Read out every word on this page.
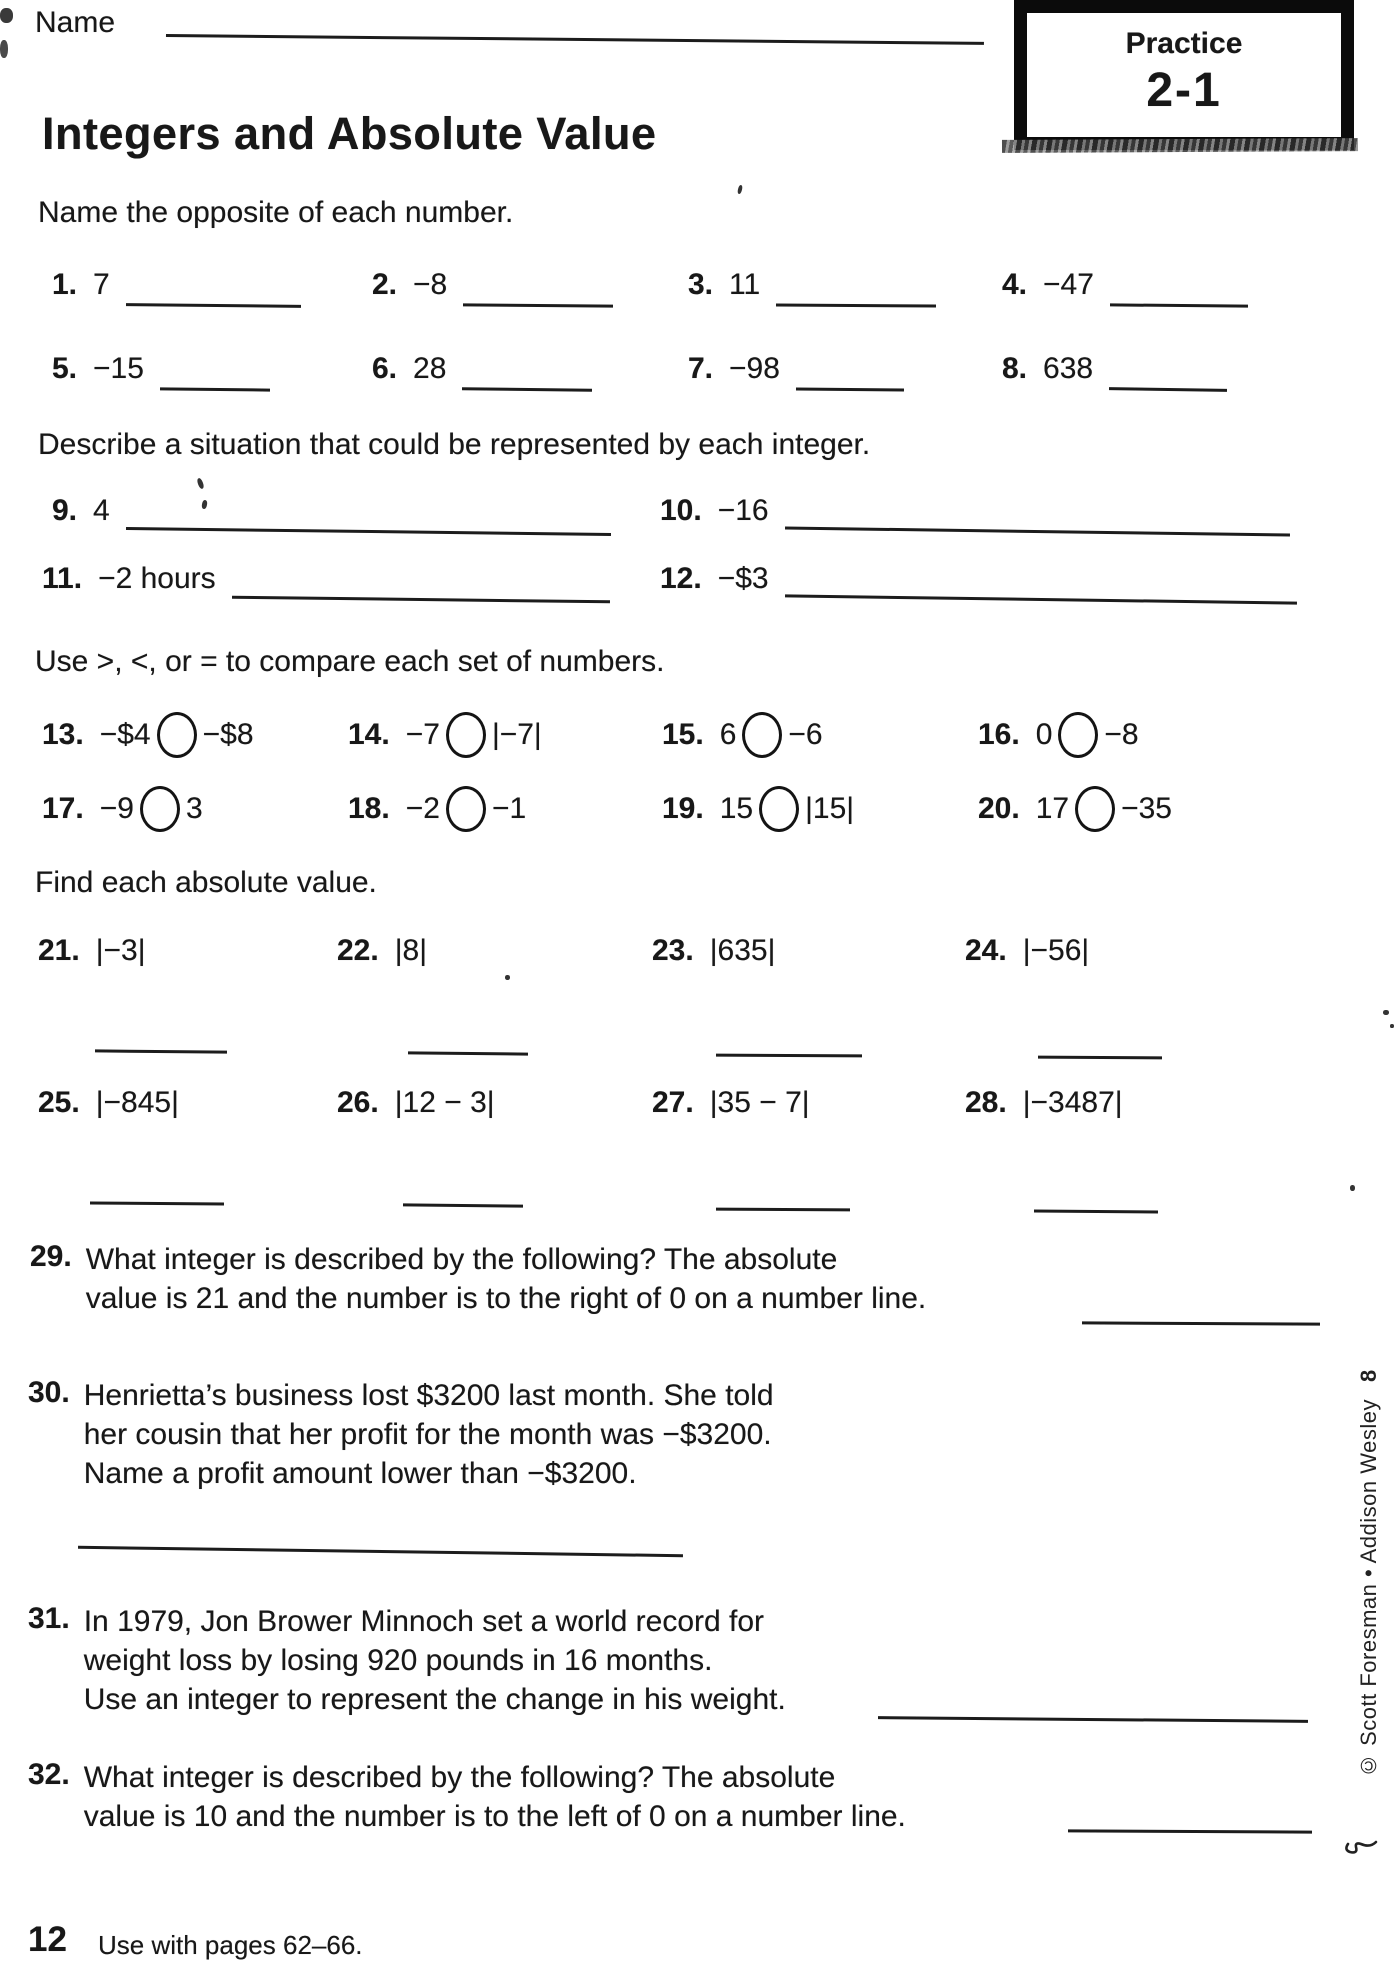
Name
Practice
2-1
Integers and Absolute Value
Name the opposite of each number.
1. 7	2. −8	3. 11	4. −47
5. −15	6. 28	7. −98	8. 638
Describe a situation that could be represented by each integer.
9. 4	10. −16
11. −2 hours	12. −$3
Use >, <, or = to compare each set of numbers.
13. −$4 −$8	14. −7 |−7|	15. 6 −6	16. 0 −8
17. −9 3	18. −2 −1	19. 15 |15|	20. 17 −35
Find each absolute value.
21. |−3|	22. |8|	23. |635|	24. |−56|
25. |−845|	26. |12 − 3|	27. |35 − 7|	28. |−3487|
29. What integer is described by the following? The absolute
value is 21 and the number is to the right of 0 on a number line.
30. Henrietta’s business lost $3200 last month. She told
her cousin that her profit for the month was −$3200.
Name a profit amount lower than −$3200.
31. In 1979, Jon Brower Minnoch set a world record for
weight loss by losing 920 pounds in 16 months.
Use an integer to represent the change in his weight.
32. What integer is described by the following? The absolute
value is 10 and the number is to the left of 0 on a number line.
© Scott Foresman • Addison Wesley 8
12 Use with pages 62–66.
